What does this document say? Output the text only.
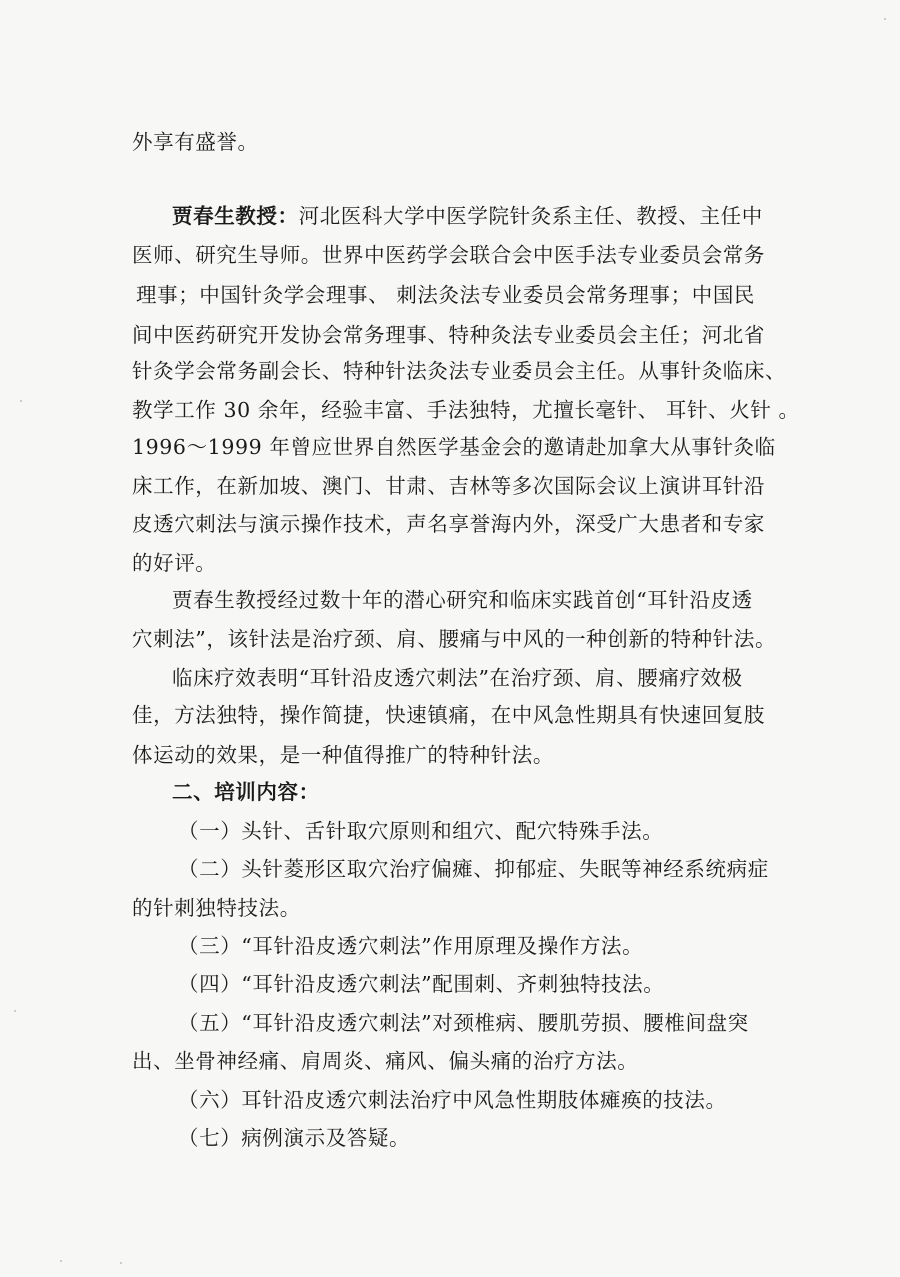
外享有盛誉。
贾春生教授：河北医科大学中医学院针灸系主任、教授、主任中
医师、研究生导师。世界中医药学会联合会中医手法专业委员会常务
理事；中国针灸学会理事、 刺法灸法专业委员会常务理事；中国民
间中医药研究开发协会常务理事、特种灸法专业委员会主任；河北省
针灸学会常务副会长、特种针法灸法专业委员会主任。从事针灸临床、
教学工作 30 余年，经验丰富、手法独特，尤擅长毫针、 耳针、火针 。
1996～1999 年曾应世界自然医学基金会的邀请赴加拿大从事针灸临
床工作，在新加坡、澳门、甘肃、吉林等多次国际会议上演讲耳针沿
皮透穴刺法与演示操作技术，声名享誉海内外，深受广大患者和专家
的好评。
贾春生教授经过数十年的潜心研究和临床实践首创“耳针沿皮透
穴刺法”，该针法是治疗颈、肩、腰痛与中风的一种创新的特种针法。
临床疗效表明“耳针沿皮透穴刺法”在治疗颈、肩、腰痛疗效极
佳，方法独特，操作简捷，快速镇痛，在中风急性期具有快速回复肢
体运动的效果，是一种值得推广的特种针法。
二、培训内容：
（一）头针、舌针取穴原则和组穴、配穴特殊手法。
（二）头针菱形区取穴治疗偏瘫、抑郁症、失眠等神经系统病症
的针刺独特技法。
（三）“耳针沿皮透穴刺法”作用原理及操作方法。
（四）“耳针沿皮透穴刺法”配围刺、齐刺独特技法。
（五）“耳针沿皮透穴刺法”对颈椎病、腰肌劳损、腰椎间盘突
出、坐骨神经痛、肩周炎、痛风、偏头痛的治疗方法。
（六）耳针沿皮透穴刺法治疗中风急性期肢体瘫痪的技法。
（七）病例演示及答疑。
